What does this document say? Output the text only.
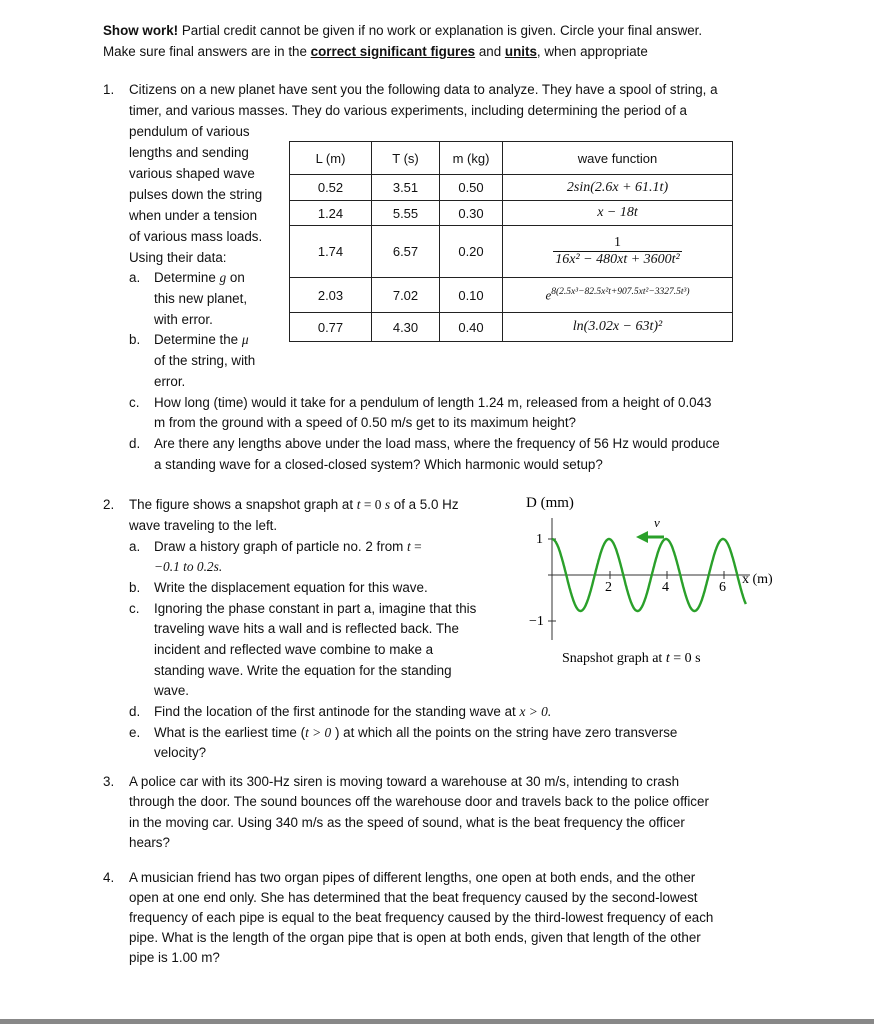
Show work! Partial credit cannot be given if no work or explanation is given. Circle your final answer.
Make sure final answers are in the correct significant figures and units, when appropriate
1. Citizens on a new planet have sent you the following data to analyze. They have a spool of string, a
timer, and various masses. They do various experiments, including determining the period of a
pendulum of various
lengths and sending
various shaped wave
pulses down the string
when under a tension
of various mass loads.
Using their data:
a. Determine g on
this new planet,
with error.
b. Determine the μ
of the string, with
error.
c. How long (time) would it take for a pendulum of length 1.24 m, released from a height of 0.043
m from the ground with a speed of 0.50 m/s get to its maximum height?
d. Are there any lengths above under the load mass, where the frequency of 56 Hz would produce
a standing wave for a closed-closed system? Which harmonic would setup?
L (m)	T (s)	m (kg)	wave function
0.52	3.51	0.50	2sin(2.6x + 61.1t)
1.24	5.55	0.30	x − 18t
1.74	6.57	0.20	$\frac{1}{\text{16x² − 480xt + 3600t²}}$

2.03	7.02	0.10	$e^{8(2.5x^3-82.5x^2t+907.5xt^2-3327.5t^3)}$
0.77	4.30	0.40	ln(3.02x − 63t)²
2. The figure shows a snapshot graph at t = 0 s of a 5.0 Hz
wave traveling to the left.
a. Draw a history graph of particle no. 2 from t =
−0.1 to 0.2s.
b. Write the displacement equation for this wave.
c. Ignoring the phase constant in part a, imagine that this
traveling wave hits a wall and is reflected back. The
incident and reflected wave combine to make a
standing wave. Write the equation for the standing
wave.
d. Find the location of the first antinode for the standing wave at x > 0.
e. What is the earliest time (t > 0 ) at which all the points on the string have zero transverse
velocity?
D (mm)
1
−1
2	4	6
x (m)
v
Snapshot graph at t = 0 s
3. A police car with its 300-Hz siren is moving toward a warehouse at 30 m/s, intending to crash
through the door. The sound bounces off the warehouse door and travels back to the police officer
in the moving car. Using 340 m/s as the speed of sound, what is the beat frequency the officer
hears?
4. A musician friend has two organ pipes of different lengths, one open at both ends, and the other
open at one end only. She has determined that the beat frequency caused by the second-lowest
frequency of each pipe is equal to the beat frequency caused by the third-lowest frequency of each
pipe. What is the length of the organ pipe that is open at both ends, given that length of the other
pipe is 1.00 m?
